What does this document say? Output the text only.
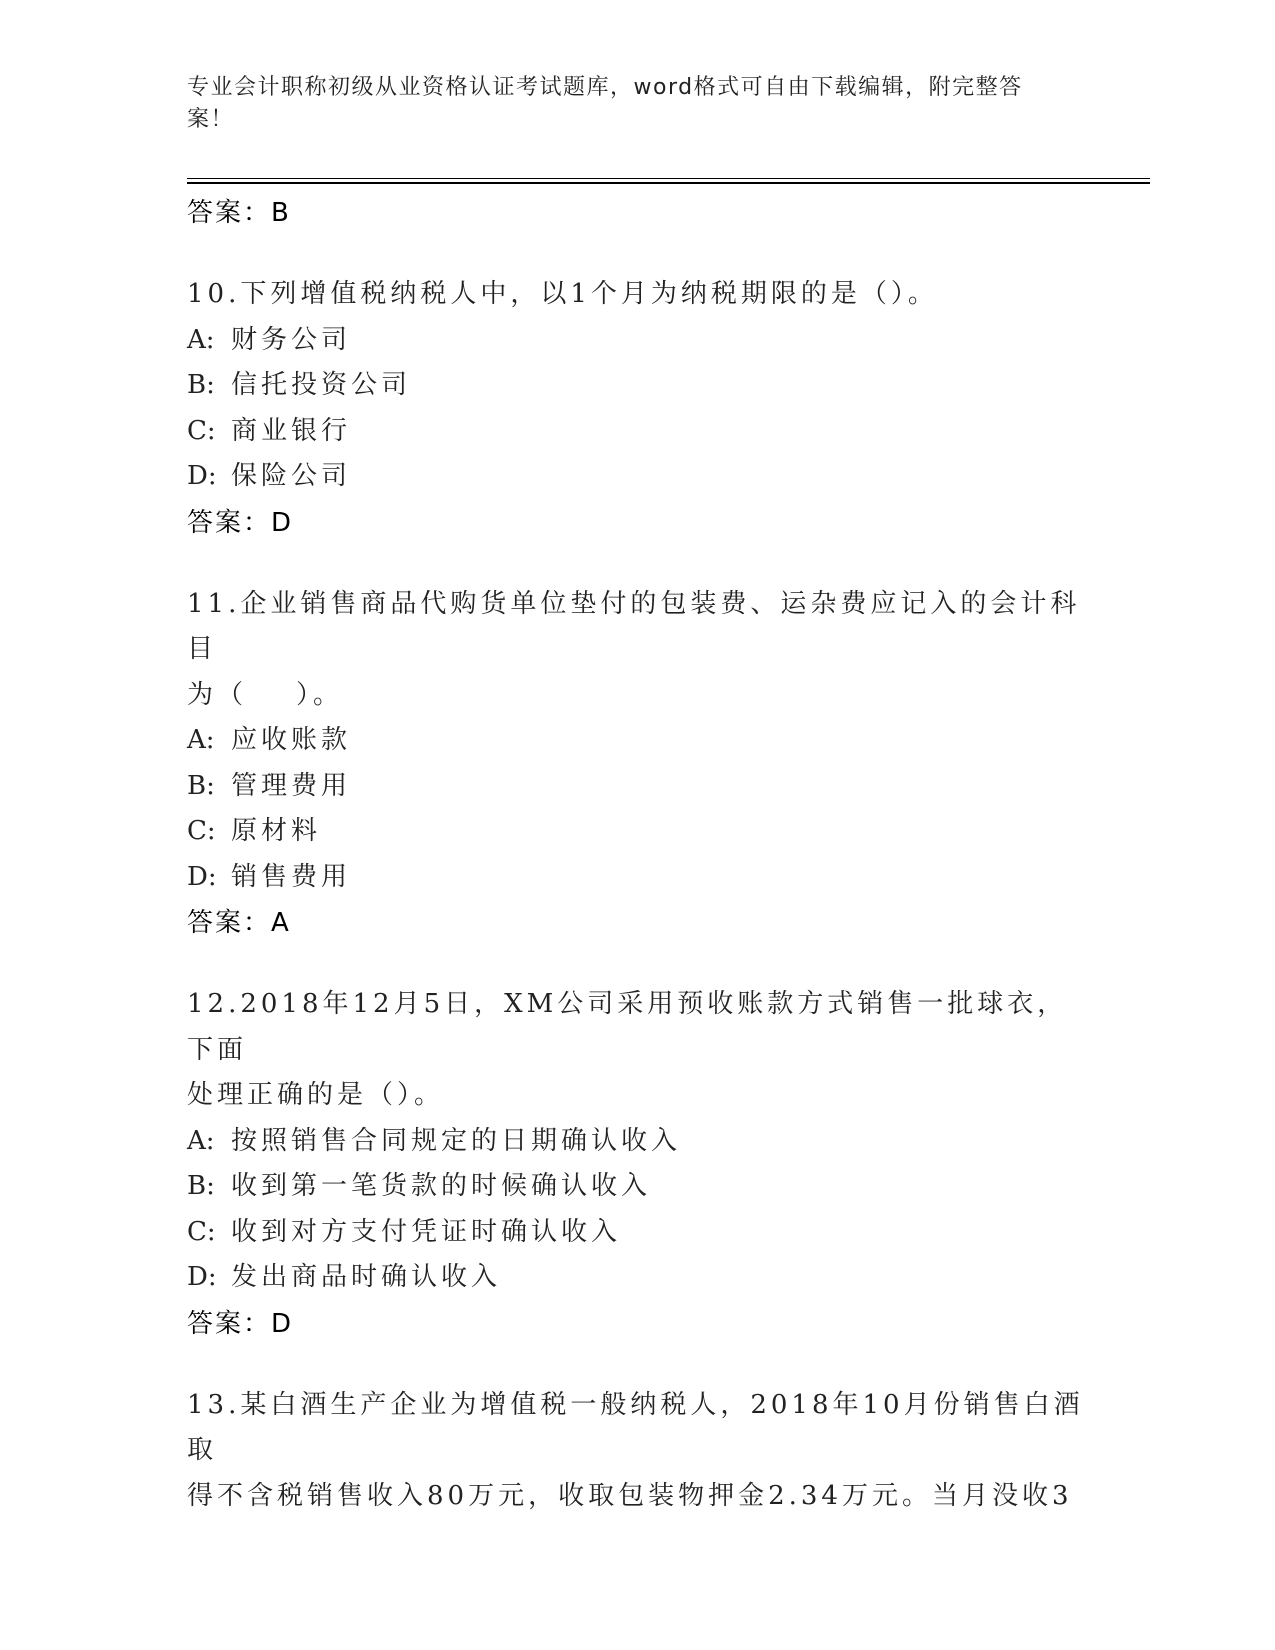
专业会计职称初级从业资格认证考试题库，word格式可自由下载编辑，附完整答案！
答案：B
10.下列增值税纳税人中，以1个月为纳税期限的是（）。
A: 财务公司
B: 信托投资公司
C: 商业银行
D: 保险公司
答案：D
11.企业销售商品代购货单位垫付的包装费、运杂费应记入的会计科目
为（    ）。
A: 应收账款
B: 管理费用
C: 原材料
D: 销售费用
答案：A
12.2018年12月5日，XM公司采用预收账款方式销售一批球衣，下面
处理正确的是（）。
A: 按照销售合同规定的日期确认收入
B: 收到第一笔货款的时候确认收入
C: 收到对方支付凭证时确认收入
D: 发出商品时确认收入
答案：D
13.某白酒生产企业为增值税一般纳税人，2018年10月份销售白酒取
得不含税销售收入80万元，收取包装物押金2.34万元。当月没收3
